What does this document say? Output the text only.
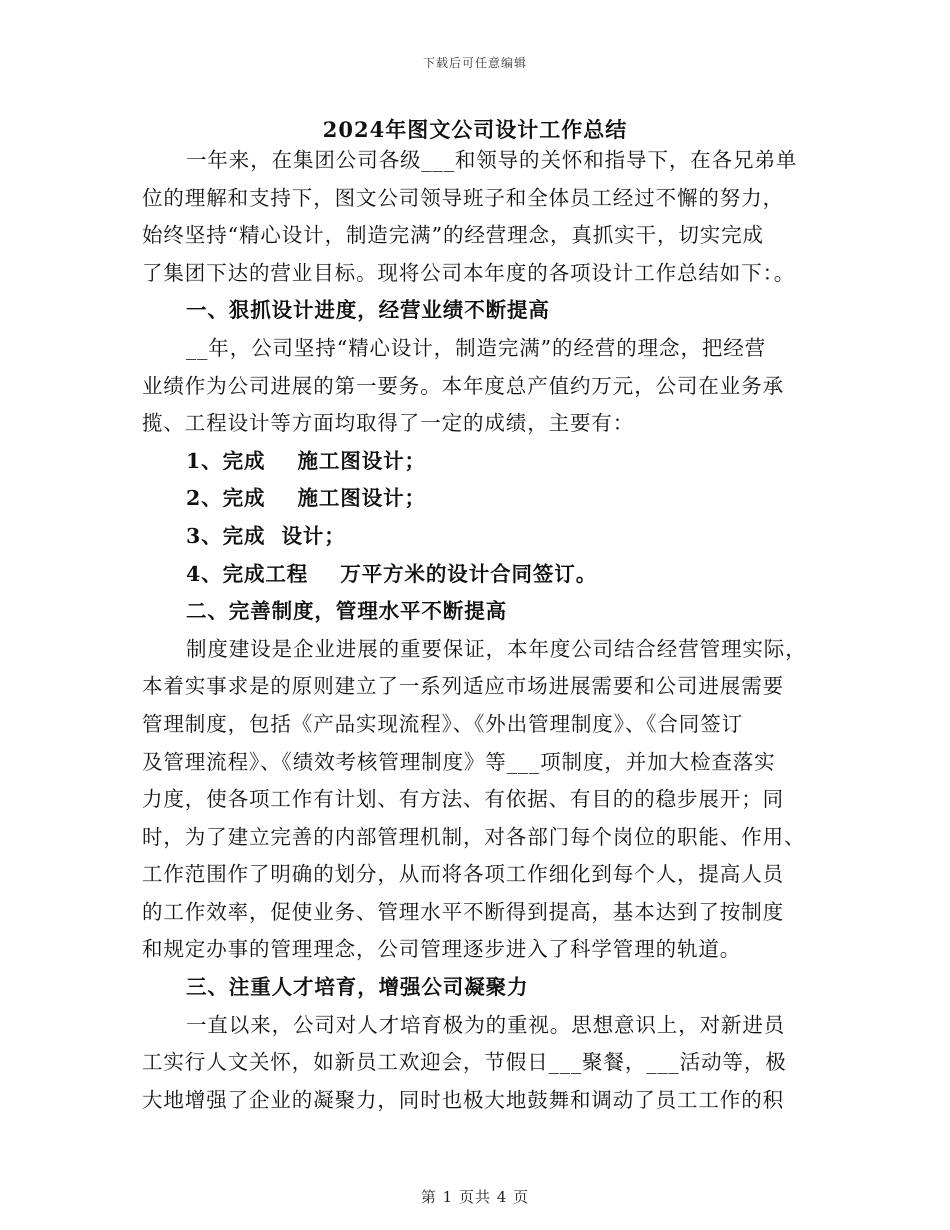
下载后可任意编辑
2024年图文公司设计工作总结
一年来，在集团公司各级___和领导的关怀和指导下，在各兄弟单
位的理解和支持下，图文公司领导班子和全体员工经过不懈的努力，
始终坚持“精心设计，制造完满”的经营理念，真抓实干，切实完成
了集团下达的营业目标。现将公司本年度的各项设计工作总结如下：。
一、狠抓设计进度，经营业绩不断提高
__年，公司坚持“精心设计，制造完满”的经营的理念，把经营
业绩作为公司进展的第一要务。本年度总产值约万元，公司在业务承
揽、工程设计等方面均取得了一定的成绩，主要有：
1、完成    施工图设计；
2、完成    施工图设计；
3、完成  设计；
4、完成工程    万平方米的设计合同签订。
二、完善制度，管理水平不断提高
制度建设是企业进展的重要保证，本年度公司结合经营管理实际，
本着实事求是的原则建立了一系列适应市场进展需要和公司进展需要
管理制度，包括《产品实现流程》、《外出管理制度》、《合同签订
及管理流程》、《绩效考核管理制度》等___项制度，并加大检查落实
力度，使各项工作有计划、有方法、有依据、有目的的稳步展开；同
时，为了建立完善的内部管理机制，对各部门每个岗位的职能、作用、
工作范围作了明确的划分，从而将各项工作细化到每个人，提高人员
的工作效率，促使业务、管理水平不断得到提高，基本达到了按制度
和规定办事的管理理念，公司管理逐步进入了科学管理的轨道。
三、注重人才培育，增强公司凝聚力
一直以来，公司对人才培育极为的重视。思想意识上，对新进员
工实行人文关怀，如新员工欢迎会，节假日___聚餐，___活动等，极
大地增强了企业的凝聚力，同时也极大地鼓舞和调动了员工工作的积
第 1 页共 4 页
